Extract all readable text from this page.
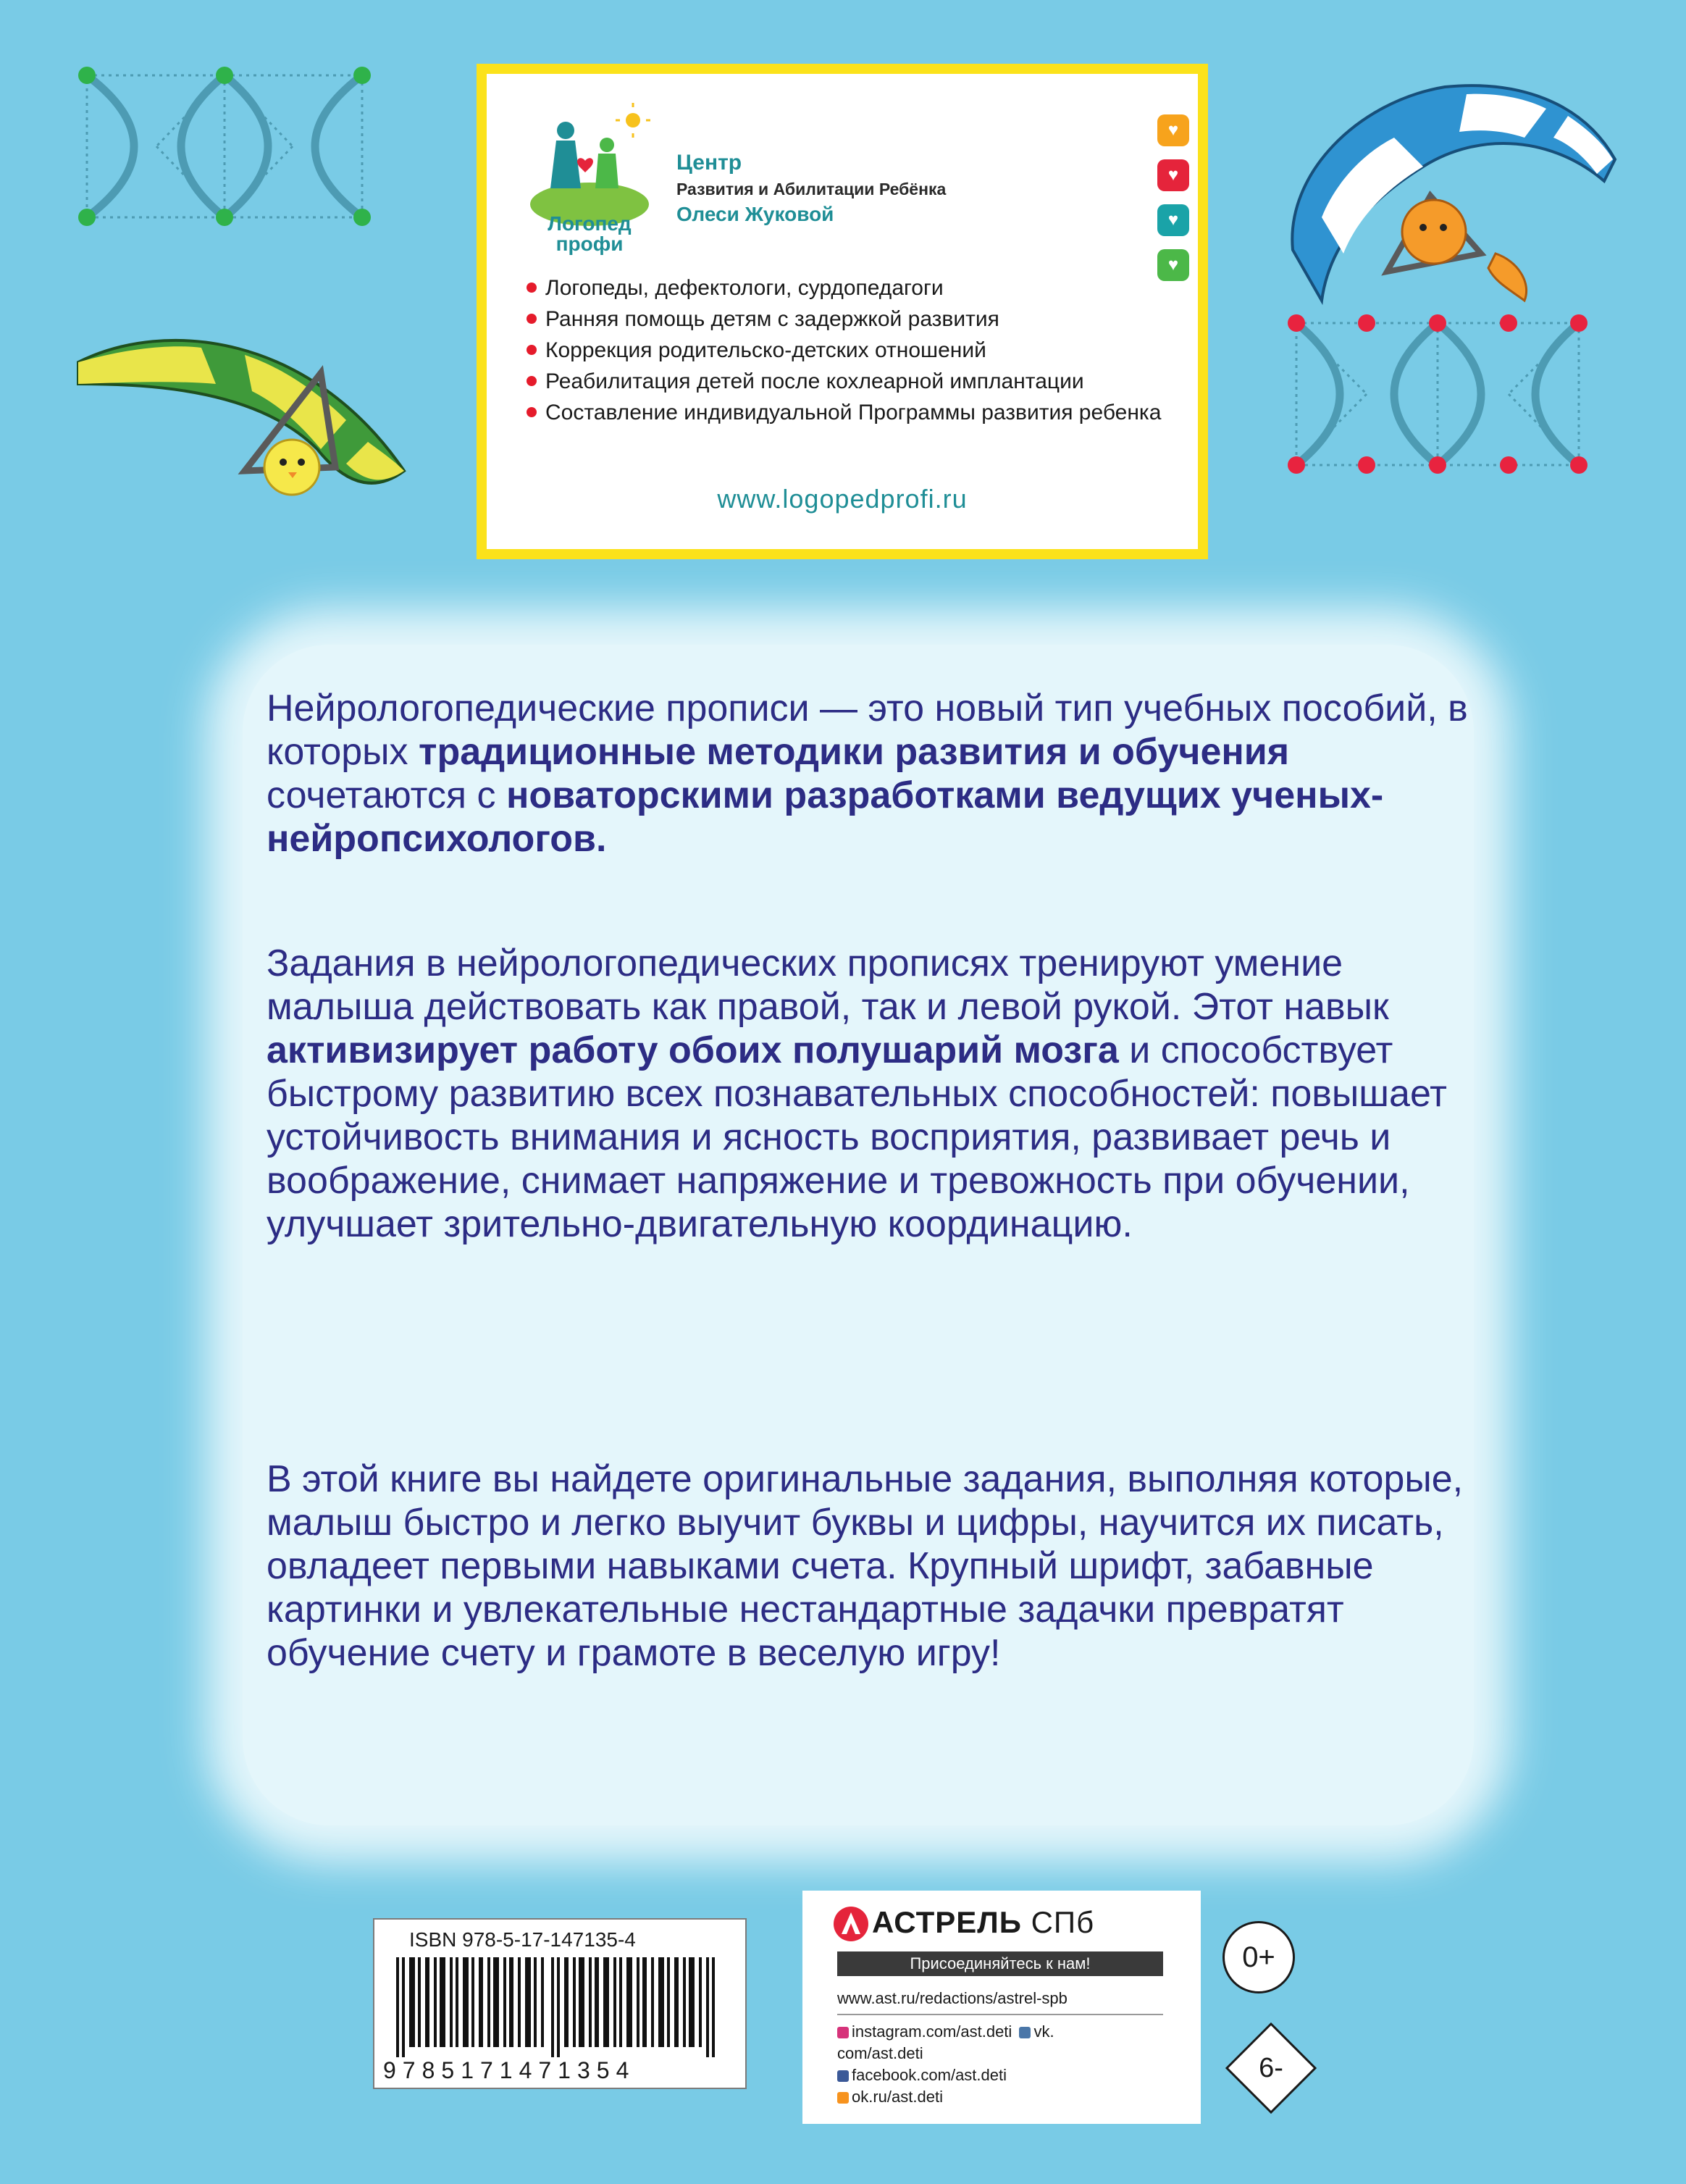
Логопед
профи
Центр
Развития и Абилитации Ребёнка
Олеси Жуковой
♥
♥
♥
♥
Логопеды, дефектологи, сурдопедагоги
Ранняя помощь детям с задержкой развития
Коррекция родительско-детских отношений
Реабилитация детей после кохлеарной имплантации
Составление индивидуальной Программы развития ребенка
www.logopedprofi.ru

Нейрологопедические прописи — это новый тип учебных пособий, в которых традиционные методики развития и обучения сочетаются с новаторскими разработками ведущих ученых-нейропсихологов.

Задания в нейрологопедических прописях тренируют умение малыша действовать как правой, так и левой рукой. Этот навык активизирует работу обоих полушарий мозга и способствует быстрому развитию всех познавательных способностей: повышает устойчивость внимания и ясность восприятия, развивает речь и воображение, снимает напряжение и тревожность при обучении, улучшает зрительно-двигательную координацию.

В этой книге вы найдете оригинальные задания, выполняя которые, малыш быстро и легко выучит буквы и цифры, научится их писать, овладеет первыми навыками счета. Крупный шрифт, забавные картинки и увлекательные нестандартные задачки превратят обучение счету и грамоте в веселую игру!

ISBN 978-5-17-147135-4
9785171471354
АСТРЕЛЬ СПб
Присоединяйтесь к нам!
www.ast.ru/redactions/astrel-spb
instagram.com/ast.deti vk.
com/ast.deti
facebook.com/ast.deti
ok.ru/ast.deti
0+
6-
